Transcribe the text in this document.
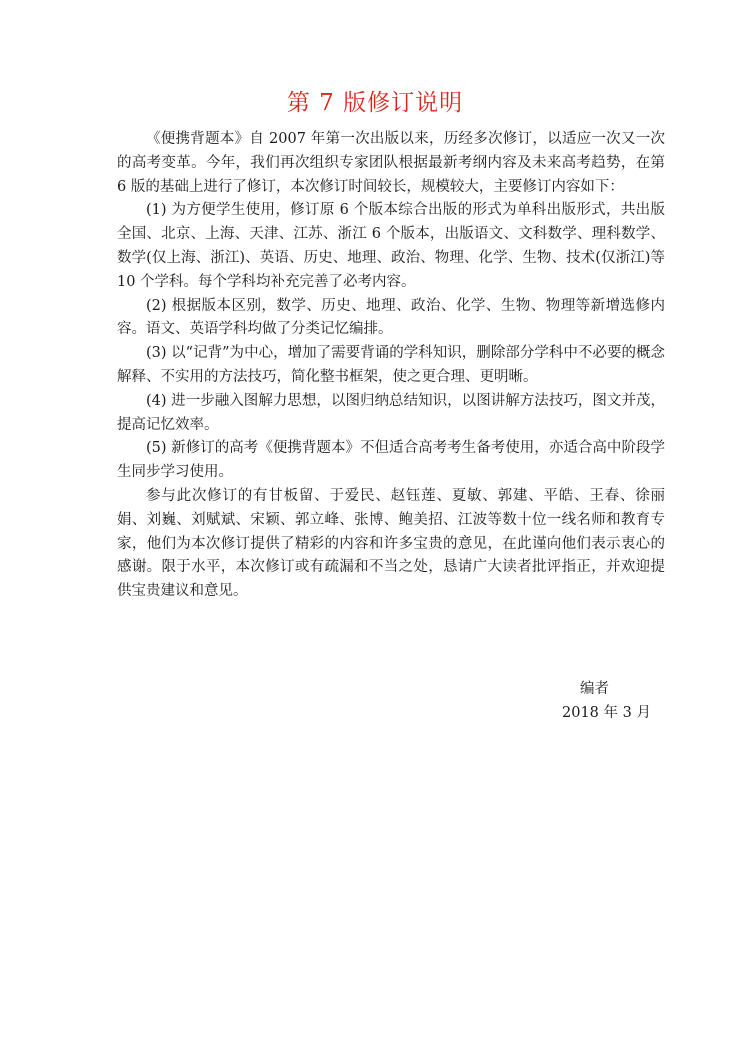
第 7 版修订说明

《便携背题本》自 2007 年第一次出版以来，历经多次修订，以适应一次又一次的高考变革。今年，我们再次组织专家团队根据最新考纲内容及未来高考趋势，在第 6 版的基础上进行了修订，本次修订时间较长，规模较大，主要修订内容如下：

(1) 为方便学生使用，修订原 6 个版本综合出版的形式为单科出版形式，共出版全国、北京、上海、天津、江苏、浙江 6 个版本，出版语文、文科数学、理科数学、数学(仅上海、浙江)、英语、历史、地理、政治、物理、化学、生物、技术(仅浙江)等 10 个学科。每个学科均补充完善了必考内容。

(2) 根据版本区别，数学、历史、地理、政治、化学、生物、物理等新增选修内容。语文、英语学科均做了分类记忆编排。

(3) 以“记背”为中心，增加了需要背诵的学科知识，删除部分学科中不必要的概念解释、不实用的方法技巧，简化整书框架，使之更合理、更明晰。

(4) 进一步融入图解力思想，以图归纳总结知识，以图讲解方法技巧，图文并茂，提高记忆效率。

(5) 新修订的高考《便携背题本》不但适合高考考生备考使用，亦适合高中阶段学生同步学习使用。

参与此次修订的有甘板留、于爱民、赵钰莲、夏敏、郭建、平皓、王春、徐丽娟、刘巍、刘赋斌、宋颖、郭立峰、张博、鲍美招、江波等数十位一线名师和教育专家，他们为本次修订提供了精彩的内容和许多宝贵的意见，在此谨向他们表示衷心的感谢。限于水平，本次修订或有疏漏和不当之处，恳请广大读者批评指正，并欢迎提供宝贵建议和意见。

编者
2018 年 3 月
